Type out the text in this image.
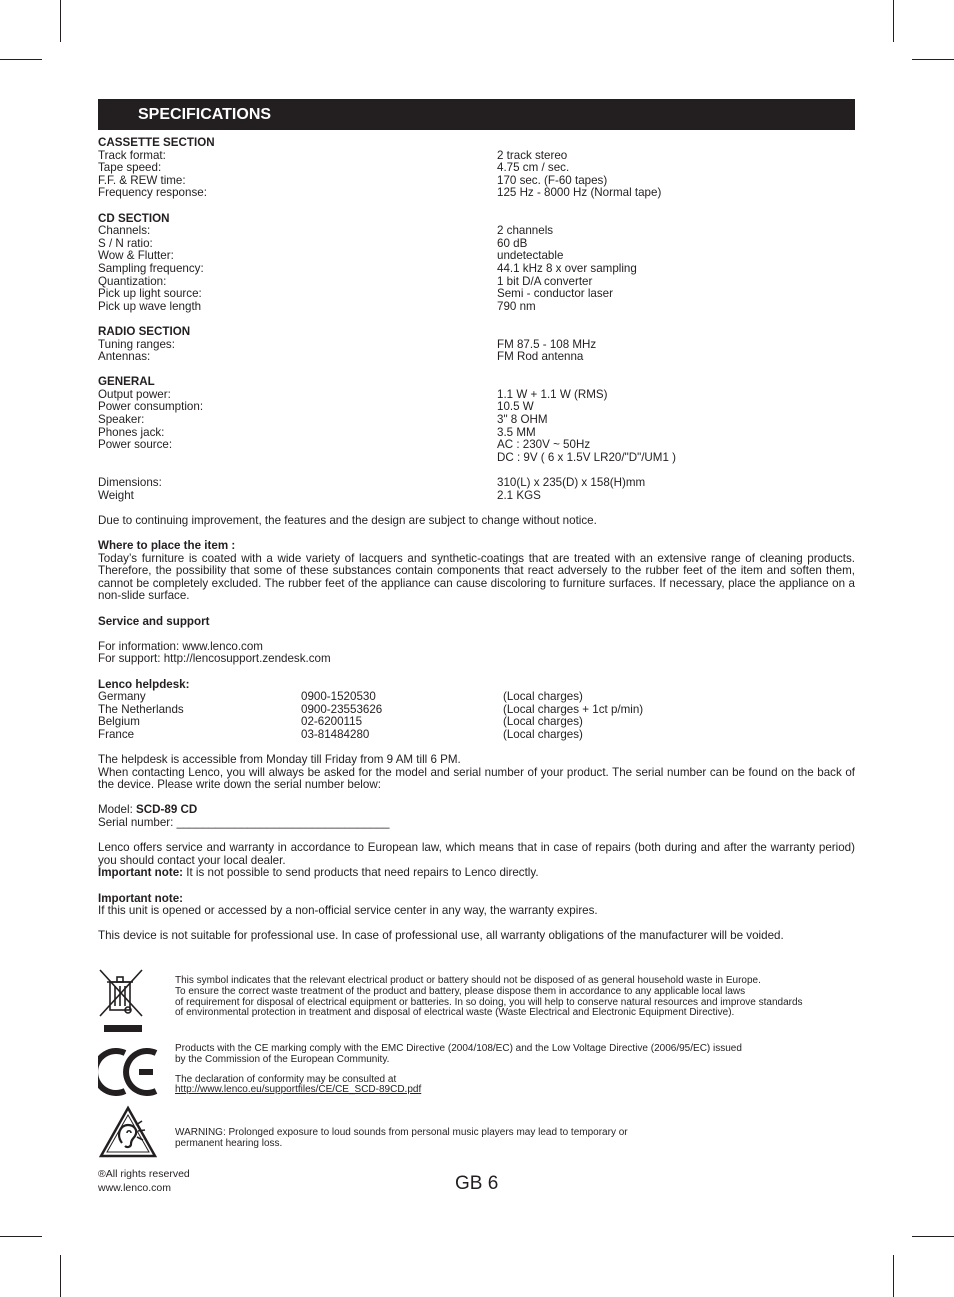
SPECIFICATIONS
CASSETTE SECTION
Track format:	2 track stereo
Tape speed:	4.75 cm / sec.
F.F. & REW time:	170 sec. (F-60 tapes)
Frequency response:	125 Hz - 8000 Hz (Normal tape)
CD SECTION
Channels:	2 channels
S / N ratio:	60 dB
Wow & Flutter:	undetectable
Sampling frequency:	44.1 kHz 8 x over sampling
Quantization:	1 bit D/A converter
Pick up light source:	Semi - conductor laser
Pick up wave length	790 nm
RADIO SECTION
Tuning ranges:	FM 87.5 - 108 MHz
Antennas:	FM Rod antenna
GENERAL
Output power:	1.1 W + 1.1 W (RMS)
Power consumption:	10.5 W
Speaker:	3" 8 OHM
Phones jack:	3.5 MM
Power source:	AC : 230V ~ 50Hz
DC : 9V ( 6 x 1.5V LR20/"D"/UM1 )
Dimensions:	310(L) x 235(D) x 158(H)mm
Weight	2.1 KGS
Due to continuing improvement, the features and the design are subject to change without notice.
Where to place the item :
Today’s furniture is coated with a wide variety of lacquers and synthetic-coatings that are treated with an extensive range of cleaning products. Therefore, the possibility that some of these substances contain components that react adversely to the rubber feet of the item and soften them, cannot be completely excluded. The rubber feet of the appliance can cause discoloring to furniture surfaces. If necessary, place the appliance on a non-slide surface.
Service and support
For information: www.lenco.com
For support: http://lencosupport.zendesk.com
Lenco helpdesk:
Germany	0900-1520530	(Local charges)
The Netherlands	0900-23553626	(Local charges + 1ct p/min)
Belgium	02-6200115	(Local charges)
France	03-81484280	(Local charges)
The helpdesk is accessible from Monday till Friday from 9 AM till 6 PM.
When contacting Lenco, you will always be asked for the model and serial number of your product. The serial number can be found on the back of the device. Please write down the serial number below:
Model: SCD-89 CD
Serial number: _________________________________
Lenco offers service and warranty in accordance to European law, which means that in case of repairs (both during and after the warranty period) you should contact your local dealer.
Important note: It is not possible to send products that need repairs to Lenco directly.
Important note:
If this unit is opened or accessed by a non-official service center in any way, the warranty expires.
This device is not suitable for professional use. In case of professional use, all warranty obligations of the manufacturer will be voided.

This symbol indicates that the relevant electrical product or battery should not be disposed of as general household waste in Europe.

To ensure the correct waste treatment of the product and battery, please dispose them in accordance to any applicable local laws

of requirement for disposal of electrical equipment or batteries. In so doing, you will help to conserve natural resources and improve standards

of environmental protection in treatment and disposal of electrical waste (Waste Electrical and Electronic Equipment Directive).

Products with the CE marking comply with the EMC Directive (2004/108/EC) and the Low Voltage Directive (2006/95/EC) issued

by the Commission of the European Community.

The declaration of conformity may be consulted at

http://www.lenco.eu/supportfiles/CE/CE_SCD-89CD.pdf

WARNING: Prolonged exposure to loud sounds from personal music players may lead to temporary or

permanent hearing loss.

®All rights reserved
www.lenco.com	GB 6
